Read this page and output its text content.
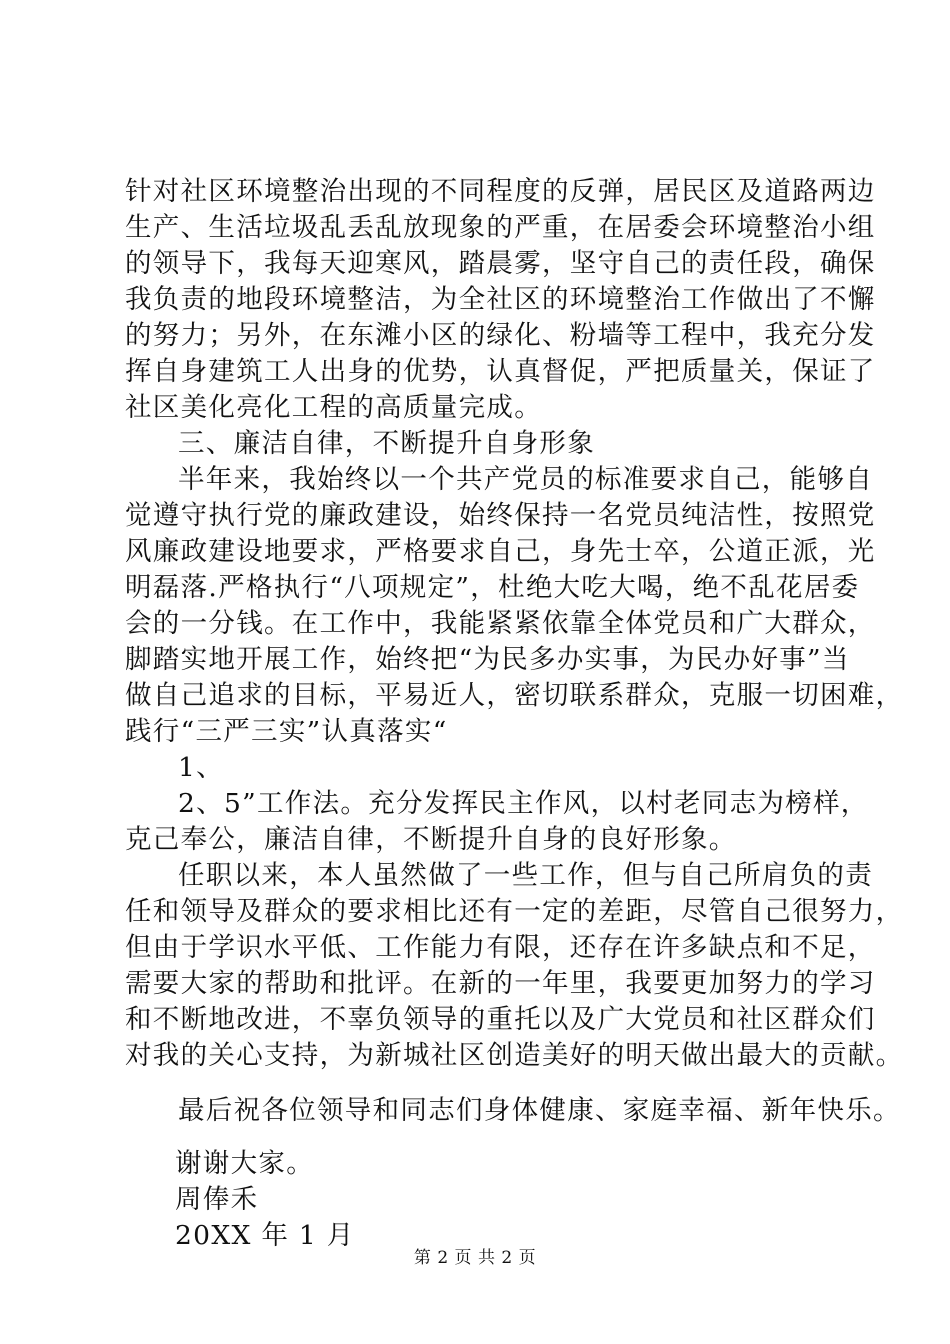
针对社区环境整治出现的不同程度的反弹，居民区及道路两边
生产、生活垃圾乱丢乱放现象的严重，在居委会环境整治小组
的领导下，我每天迎寒风，踏晨雾，坚守自己的责任段，确保
我负责的地段环境整洁，为全社区的环境整治工作做出了不懈
的努力；另外，在东滩小区的绿化、粉墙等工程中，我充分发
挥自身建筑工人出身的优势，认真督促，严把质量关，保证了
社区美化亮化工程的高质量完成。
三、廉洁自律，不断提升自身形象
半年来，我始终以一个共产党员的标准要求自己，能够自
觉遵守执行党的廉政建设，始终保持一名党员纯洁性，按照党
风廉政建设地要求，严格要求自己，身先士卒，公道正派，光
明磊落.严格执行“八项规定”，杜绝大吃大喝，绝不乱花居委
会的一分钱。在工作中，我能紧紧依靠全体党员和广大群众，
脚踏实地开展工作，始终把“为民多办实事，为民办好事”当
做自己追求的目标，平易近人，密切联系群众，克服一切困难，
践行“三严三实”认真落实“
1、
2、5”工作法。充分发挥民主作风，以村老同志为榜样，
克己奉公，廉洁自律，不断提升自身的良好形象。
任职以来，本人虽然做了一些工作，但与自己所肩负的责
任和领导及群众的要求相比还有一定的差距，尽管自己很努力，
但由于学识水平低、工作能力有限，还存在许多缺点和不足，
需要大家的帮助和批评。在新的一年里，我要更加努力的学习
和不断地改进，不辜负领导的重托以及广大党员和社区群众们
对我的关心支持，为新城社区创造美好的明天做出最大的贡献。
最后祝各位领导和同志们身体健康、家庭幸福、新年快乐。
谢谢大家。
周俸禾
20XX 年 1 月
第 2 页 共 2 页
